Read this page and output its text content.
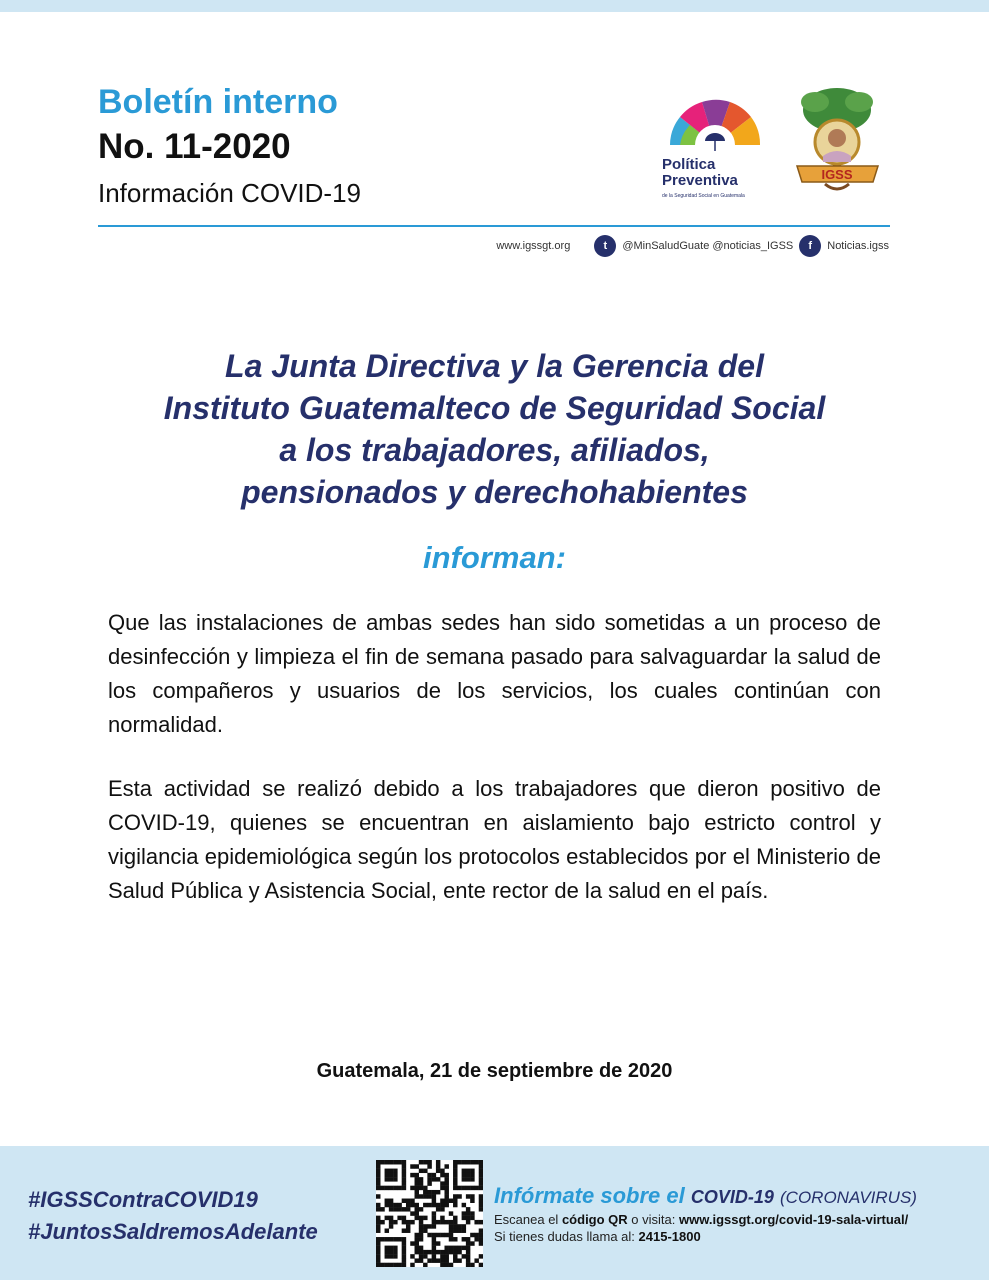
Boletín interno
No. 11-2020
Información COVID-19
Política
Preventiva
de la Seguridad Social en Guatemala
IGSS
www.igssgt.org	t	@MinSaludGuate @noticias_IGSS	f	Noticias.igss
La Junta Directiva y la Gerencia del
Instituto Guatemalteco de Seguridad Social
a los trabajadores, afiliados,
pensionados y derechohabientes
informan:
Que las instalaciones de ambas sedes han sido sometidas a un proceso de desinfección y limpieza el fin de semana pasado para salvaguardar la salud de los compañeros y usuarios de los servicios, los cuales continúan con normalidad.
Esta actividad se realizó debido a los trabajadores que dieron positivo de COVID-19, quienes se encuentran en aislamiento bajo estricto control y vigilancia epidemiológica según los protocolos establecidos por el Ministerio de Salud Pública y Asistencia Social, ente rector de la salud en el país.
Guatemala, 21 de septiembre de 2020
#IGSSContraCOVID19
#JuntosSaldremosAdelante
Infórmate sobre el COVID-19 (CORONAVIRUS)
Escanea el código QR o visita: www.igssgt.org/covid-19-sala-virtual/
Si tienes dudas llama al: 2415-1800
